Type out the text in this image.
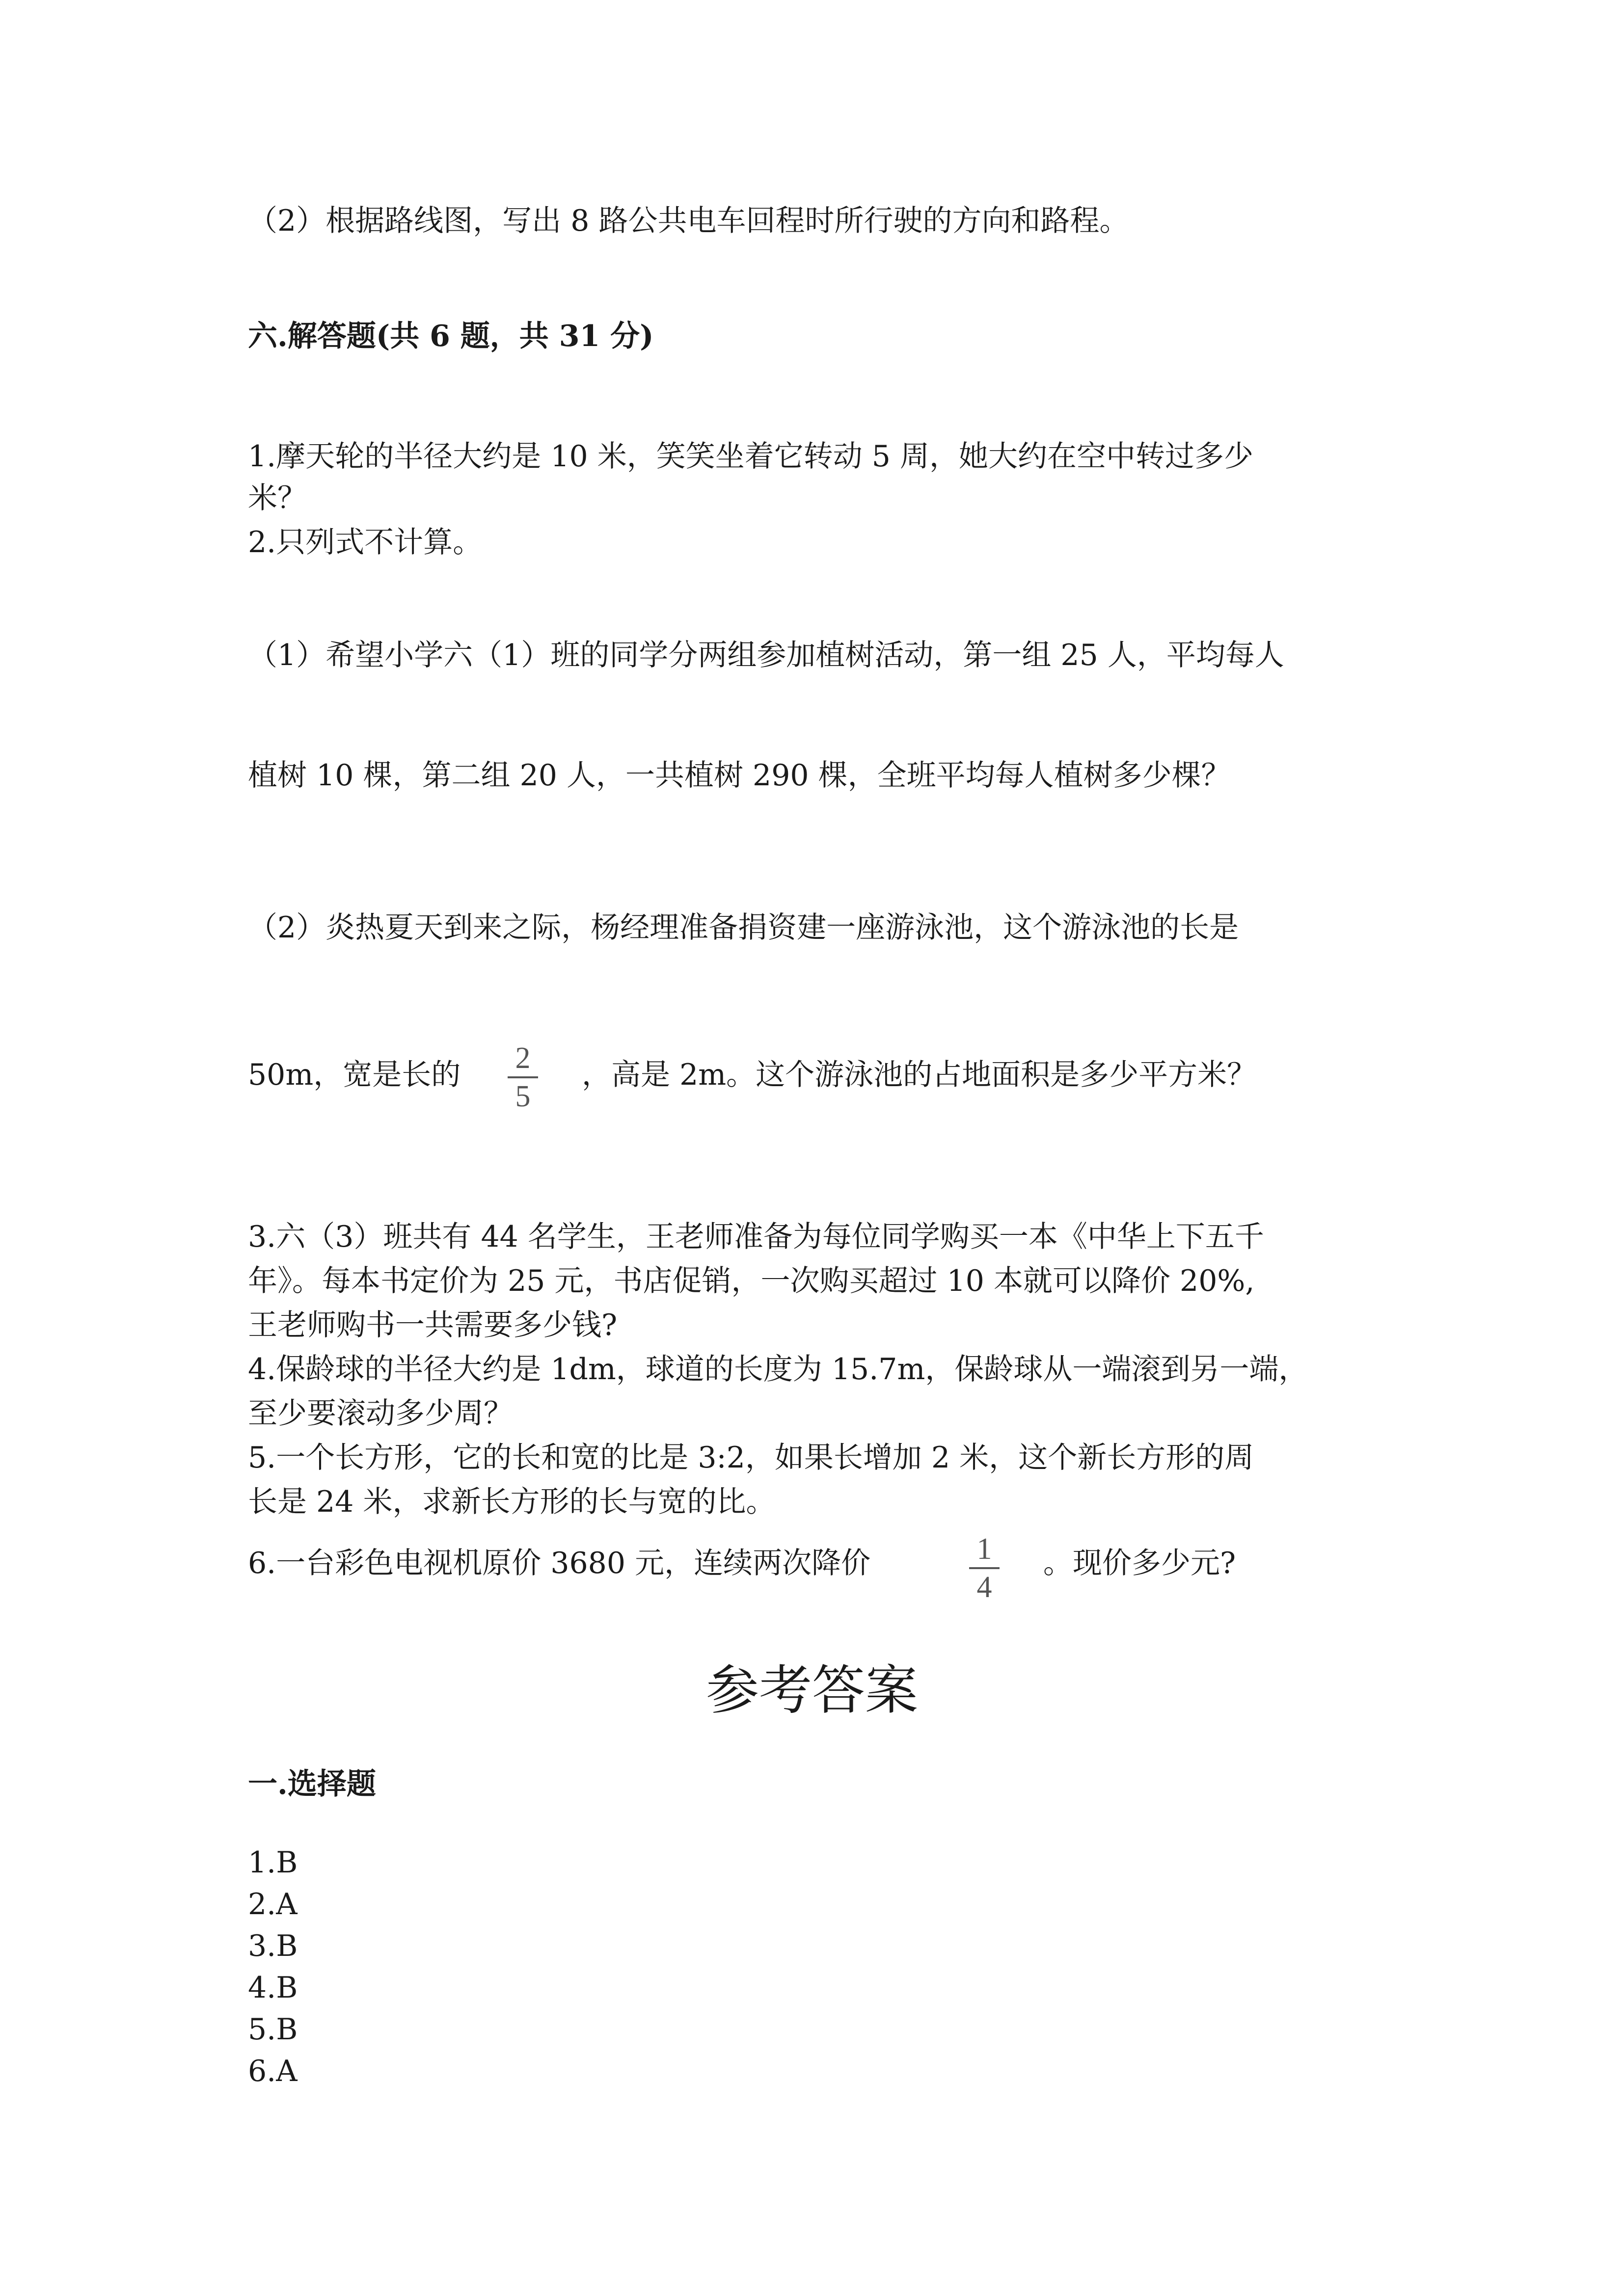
（2）根据路线图，写出 8 路公共电车回程时所行驶的方向和路程。
六.解答题(共 6 题，共 31 分)
1.摩天轮的半径大约是 10 米，笑笑坐着它转动 5 周，她大约在空中转过多少
米？
2.只列式不计算。
（1）希望小学六（1）班的同学分两组参加植树活动，第一组 25 人，平均每人
植树 10 棵，第二组 20 人，一共植树 290 棵，全班平均每人植树多少棵？
（2）炎热夏天到来之际，杨经理准备捐资建一座游泳池，这个游泳池的长是
50m，宽是长的	2
5
，高是 2m。这个游泳池的占地面积是多少平方米？
3.六（3）班共有 44 名学生，王老师准备为每位同学购买一本《中华上下五千
年》。每本书定价为 25 元，书店促销，一次购买超过 10 本就可以降价 20%,
王老师购书一共需要多少钱?
4.保龄球的半径大约是 1dm，球道的长度为 15.7m，保龄球从一端滚到另一端，
至少要滚动多少周？
5.一个长方形，它的长和宽的比是 3:2，如果长增加 2 米，这个新长方形的周
长是 24 米，求新长方形的长与宽的比。
6.一台彩色电视机原价 3680 元，连续两次降价	1
4
。现价多少元?
参考答案
一.选择题
1.B
2.A
3.B
4.B
5.B
6.A
